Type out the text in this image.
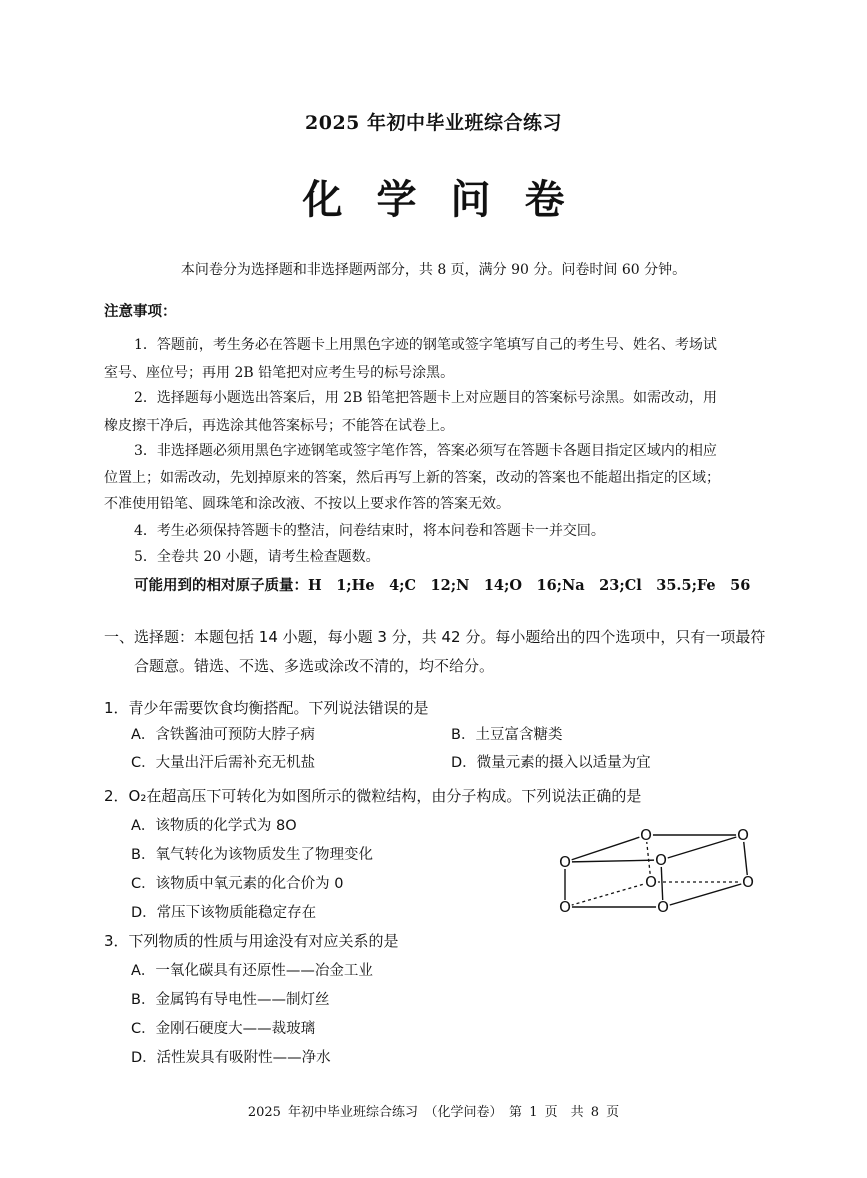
2025 年初中毕业班综合练习
化学问卷
本问卷分为选择题和非选择题两部分，共 8 页，满分 90 分。问卷时间 60 分钟。
注意事项：
1．答题前，考生务必在答题卡上用黑色字迹的钢笔或签字笔填写自己的考生号、姓名、考场试
室号、座位号；再用 2B 铅笔把对应考生号的标号涂黑。
2．选择题每小题选出答案后，用 2B 铅笔把答题卡上对应题目的答案标号涂黑。如需改动，用
橡皮擦干净后，再选涂其他答案标号；不能答在试卷上。
3．非选择题必须用黑色字迹钢笔或签字笔作答，答案必须写在答题卡各题目指定区域内的相应
位置上；如需改动，先划掉原来的答案，然后再写上新的答案，改动的答案也不能超出指定的区域；
不准使用铅笔、圆珠笔和涂改液、不按以上要求作答的答案无效。
4．考生必须保持答题卡的整洁，问卷结束时，将本问卷和答题卡一并交回。
5．全卷共 20 小题，请考生检查题数。
可能用到的相对原子质量：H　1;He　4;C　12;N　14;O　16;Na　23;Cl　35.5;Fe　56
一、选择题：本题包括 14 小题，每小题 3 分，共 42 分。每小题给出的四个选项中，只有一项最符
合题意。错选、不选、多选或涂改不清的，均不给分。
1．青少年需要饮食均衡搭配。下列说法错误的是
A．含铁酱油可预防大脖子病	B．土豆富含糖类
C．大量出汗后需补充无机盐	D．微量元素的摄入以适量为宜
2．O₂在超高压下可转化为如图所示的微粒结构，由分子构成。下列说法正确的是
A．该物质的化学式为 8O
B．氧气转化为该物质发生了物理变化
C．该物质中氧元素的化合价为 0
D．常压下该物质能稳定存在
O	O
O	O
O	O
O	O
3．下列物质的性质与用途没有对应关系的是
A．一氧化碳具有还原性——冶金工业
B．金属钨有导电性——制灯丝
C．金刚石硬度大——裁玻璃
D．活性炭具有吸附性——净水
2025 年初中毕业班综合练习　（化学问卷）　第 1 页　共 8 页
